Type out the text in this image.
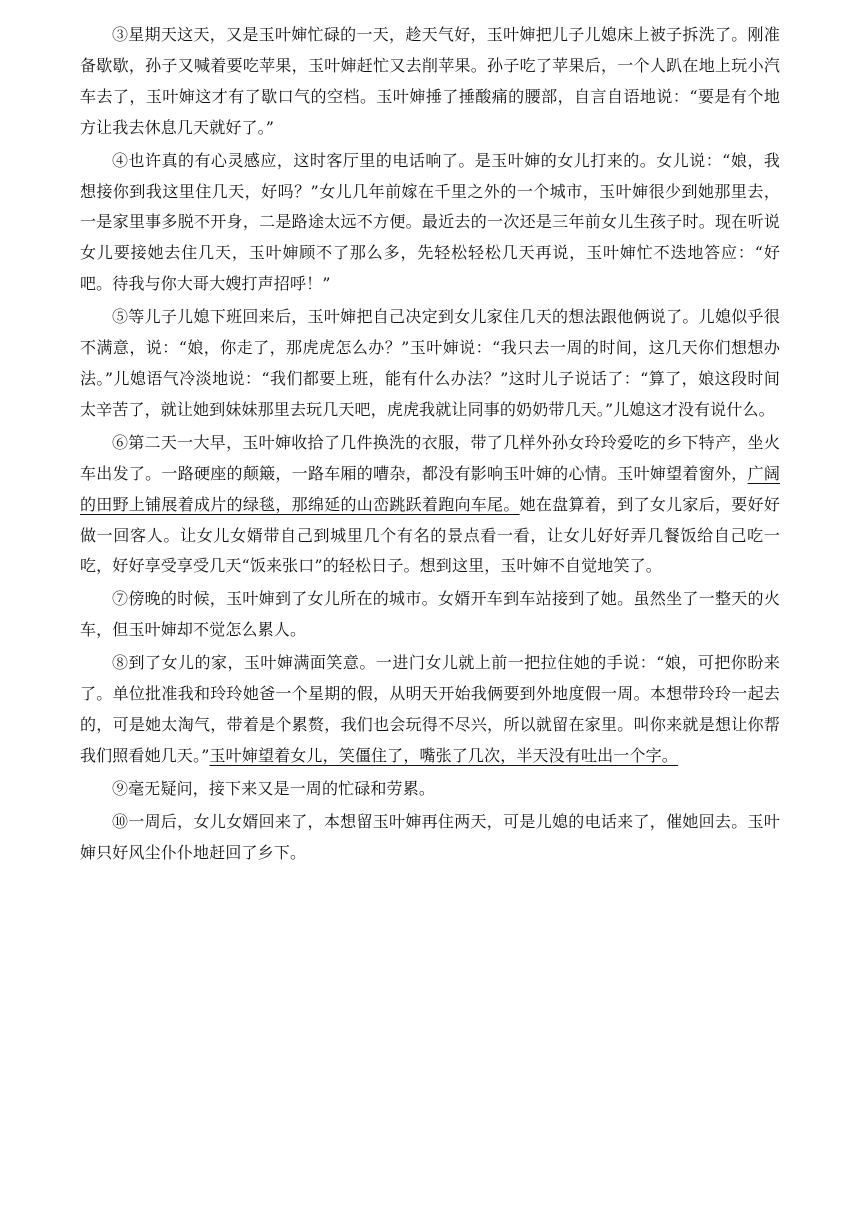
③星期天这天，又是玉叶婶忙碌的一天，趁天气好，玉叶婶把儿子儿媳床上被子拆洗了。刚准备歇歇，孙子又喊着要吃苹果，玉叶婶赶忙又去削苹果。孙子吃了苹果后，一个人趴在地上玩小汽车去了，玉叶婶这才有了歇口气的空档。玉叶婶捶了捶酸痛的腰部，自言自语地说：“要是有个地方让我去休息几天就好了。”

④也许真的有心灵感应，这时客厅里的电话响了。是玉叶婶的女儿打来的。女儿说：“娘，我想接你到我这里住几天，好吗？”女儿几年前嫁在千里之外的一个城市，玉叶婶很少到她那里去，一是家里事多脱不开身，二是路途太远不方便。最近去的一次还是三年前女儿生孩子时。现在听说女儿要接她去住几天，玉叶婶顾不了那么多，先轻松轻松几天再说，玉叶婶忙不迭地答应：“好吧。待我与你大哥大嫂打声招呼！”

⑤等儿子儿媳下班回来后，玉叶婶把自己决定到女儿家住几天的想法跟他俩说了。儿媳似乎很不满意，说：“娘，你走了，那虎虎怎么办？”玉叶婶说：“我只去一周的时间，这几天你们想想办法。”儿媳语气冷淡地说：“我们都要上班，能有什么办法？”这时儿子说话了：“算了，娘这段时间太辛苦了，就让她到妹妹那里去玩几天吧，虎虎我就让同事的奶奶带几天。”儿媳这才没有说什么。

⑥第二天一大早，玉叶婶收拾了几件换洗的衣服，带了几样外孙女玲玲爱吃的乡下特产，坐火车出发了。一路硬座的颠簸，一路车厢的嘈杂，都没有影响玉叶婶的心情。玉叶婶望着窗外，广阔的田野上铺展着成片的绿毯，那绵延的山峦跳跃着跑向车尾。她在盘算着，到了女儿家后，要好好做一回客人。让女儿女婿带自己到城里几个有名的景点看一看，让女儿好好弄几餐饭给自己吃一吃，好好享受享受几天“饭来张口”的轻松日子。想到这里，玉叶婶不自觉地笑了。

⑦傍晚的时候，玉叶婶到了女儿所在的城市。女婿开车到车站接到了她。虽然坐了一整天的火车，但玉叶婶却不觉怎么累人。

⑧到了女儿的家，玉叶婶满面笑意。一进门女儿就上前一把拉住她的手说：“娘，可把你盼来了。单位批准我和玲玲她爸一个星期的假，从明天开始我俩要到外地度假一周。本想带玲玲一起去的，可是她太淘气，带着是个累赘，我们也会玩得不尽兴，所以就留在家里。叫你来就是想让你帮我们照看她几天。”玉叶婶望着女儿，笑僵住了，嘴张了几次，半天没有吐出一个字。

⑨毫无疑问，接下来又是一周的忙碌和劳累。

⑩一周后，女儿女婿回来了，本想留玉叶婶再住两天，可是儿媳的电话来了，催她回去。玉叶婶只好风尘仆仆地赶回了乡下。
